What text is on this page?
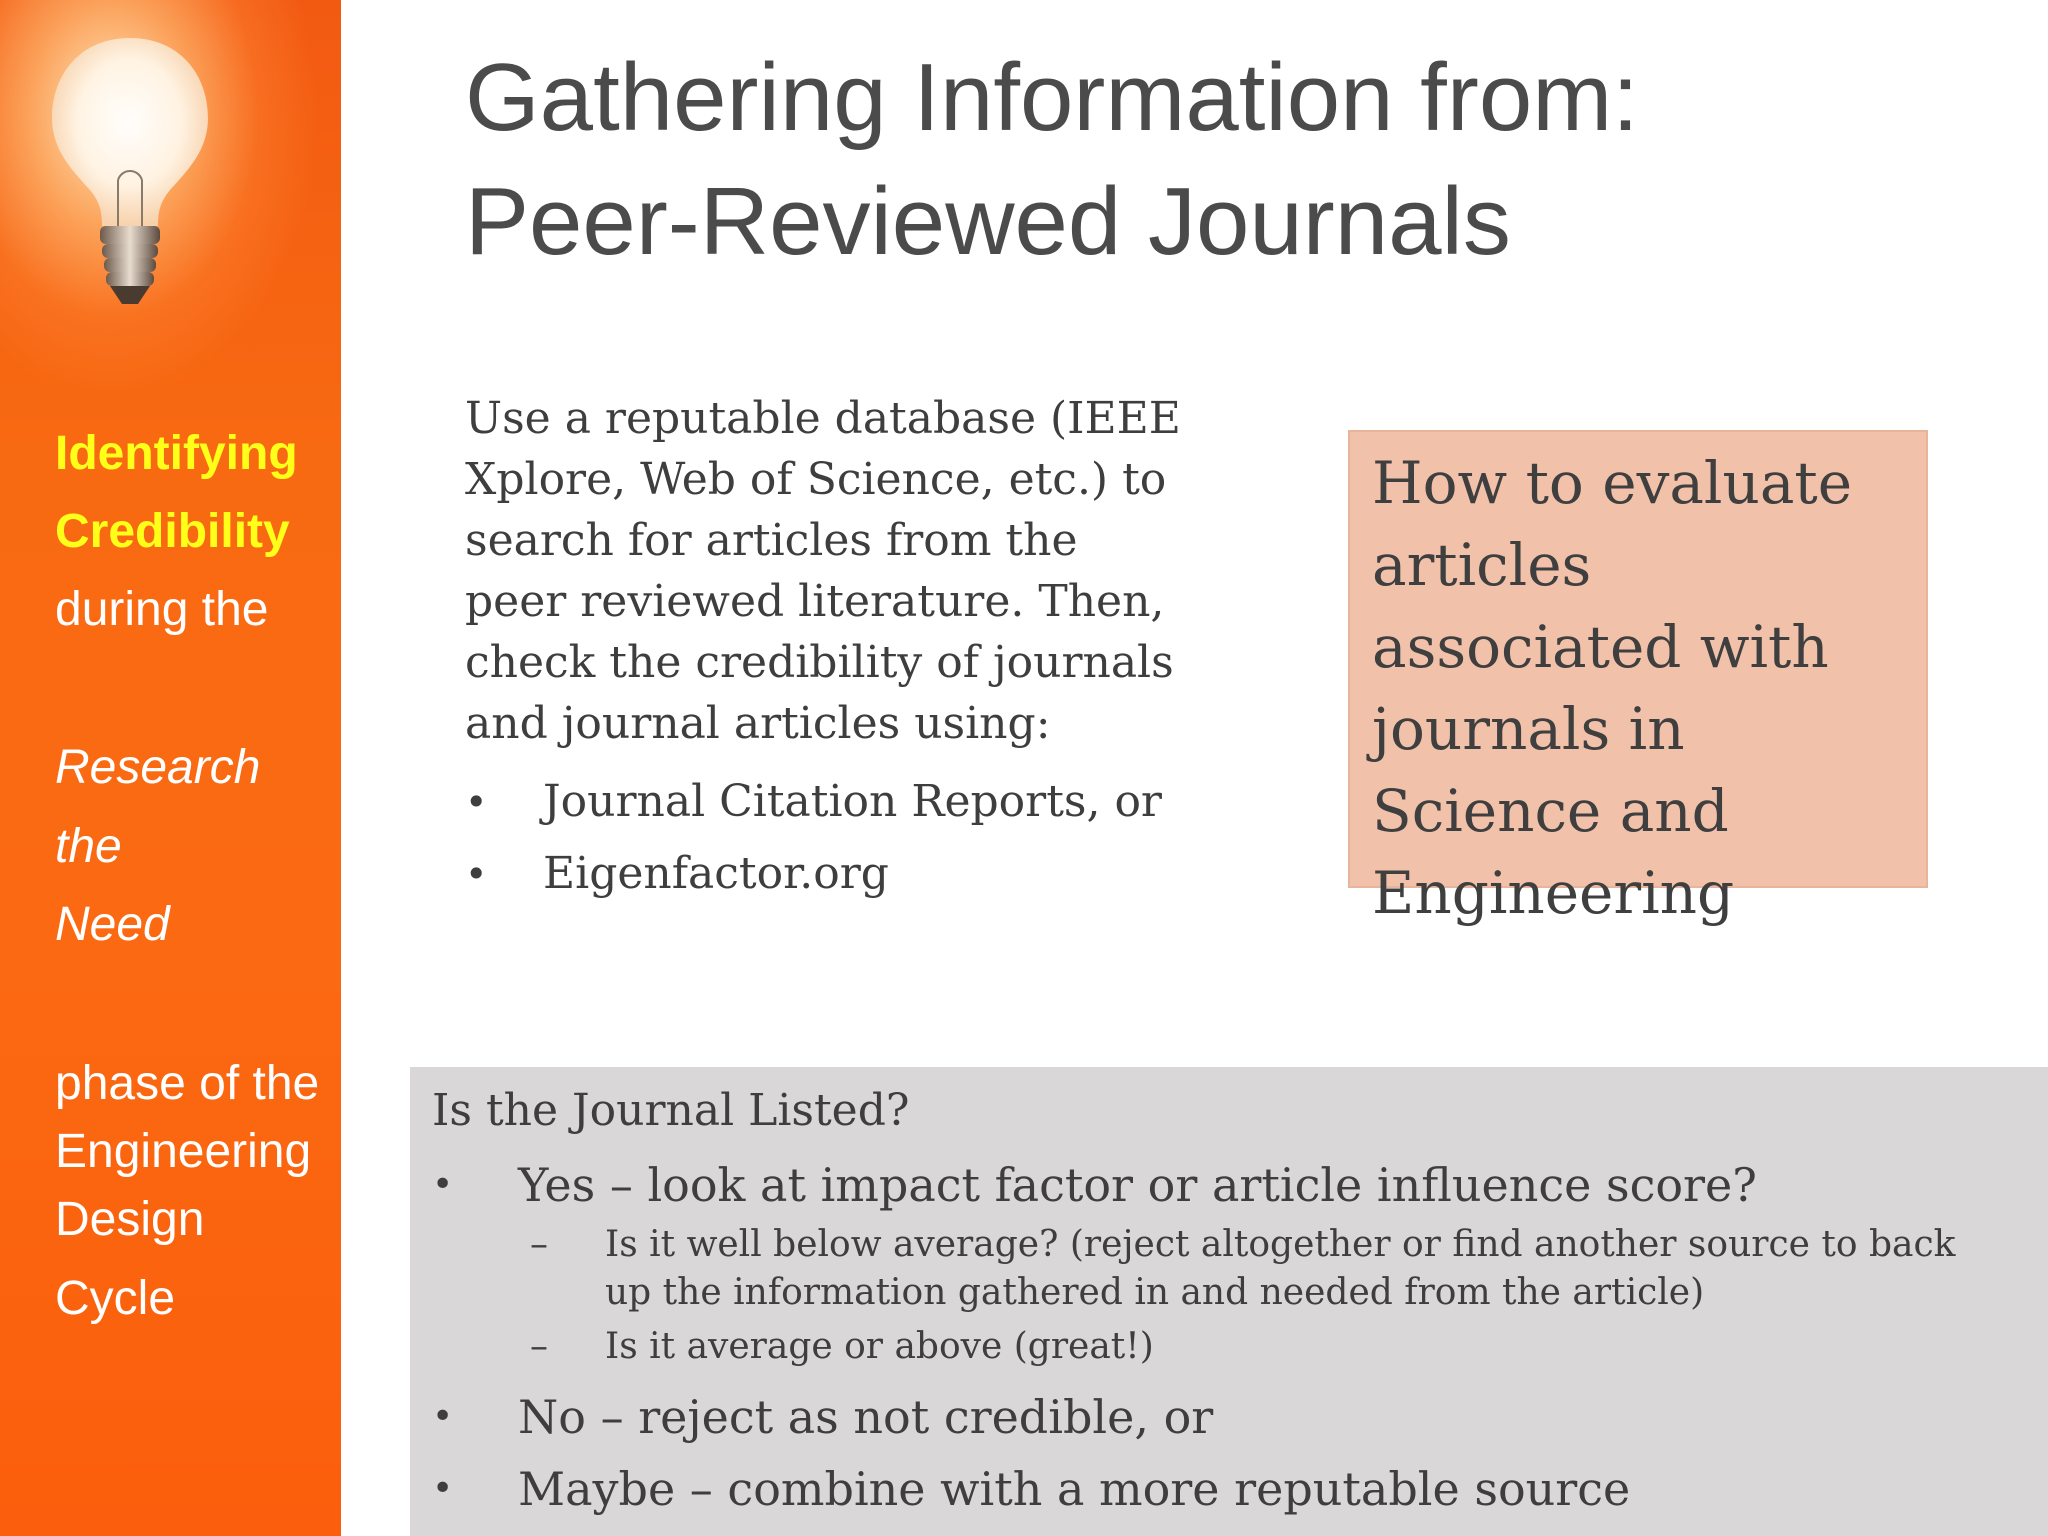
Identifying
Credibility
during the
Research
the
Need
phase of the
Engineering
Design
Cycle
Gathering Information from:
Peer-Reviewed Journals
Use a reputable database (IEEE Xplore, Web of Science, etc.) to search for articles from the peer reviewed literature. Then, check the credibility of journals and journal articles using:
• Journal Citation Reports, or
• Eigenfactor.org
How to evaluate articles associated with journals in Science and Engineering
Is the Journal Listed?
• Yes – look at impact factor or article influence score?
– Is it well below average? (reject altogether or find another source to back up the information gathered in and needed from the article)
– Is it average or above (great!)
• No – reject as not credible, or
• Maybe – combine with a more reputable source
